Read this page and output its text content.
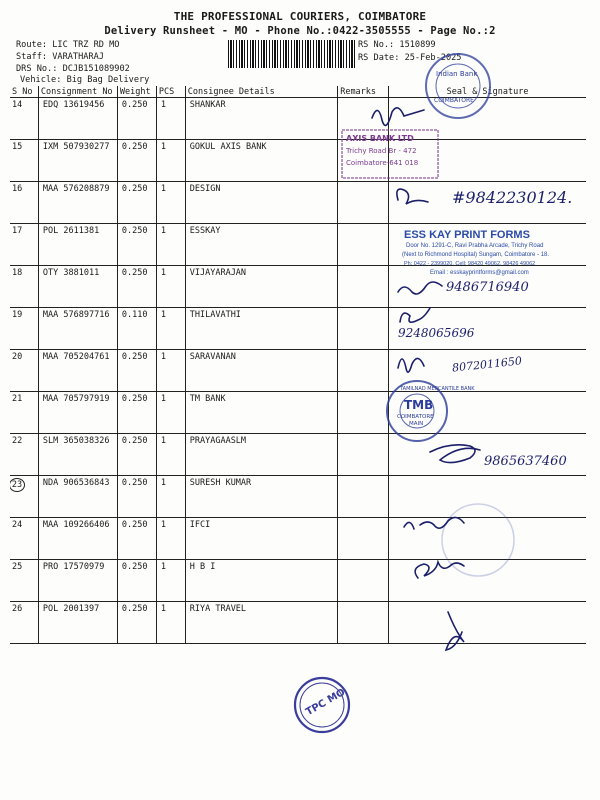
THE PROFESSIONAL COURIERS, COIMBATORE
Delivery Runsheet - MO - Phone No.:0422-3505555 - Page No.:2
Route: LIC TRZ RD MO
Staff: VARATHARAJ
DRS No.: DCJB151089902
Vehicle: Big Bag Delivery
RS No.: 1510899
RS Date: 25-Feb-2025
S No	Consignment No	Weight	PCS	Consignee Details	Remarks	Seal & Signature
14	EDQ 13619456	0.250	1	SHANKAR		
15	IXM 507930277	0.250	1	GOKUL AXIS BANK		
16	MAA 576208879	0.250	1	DESIGN		
17	POL 2611381	0.250	1	ESSKAY		
18	OTY 3881011	0.250	1	VIJAYARAJAN		
19	MAA 576897716	0.110	1	THILAVATHI		
20	MAA 705204761	0.250	1	SARAVANAN		
21	MAA 705797919	0.250	1	TM BANK		
22	SLM 365038326	0.250	1	PRAYAGAASLM		
23	NDA 906536843	0.250	1	SURESH KUMAR		
24	MAA 109266406	0.250	1	IFCI		
25	PRO 17570979	0.250	1	H B I		
26	POL 2001397	0.250	1	RIYA TRAVEL		
Indian Bank
COIMBATORE
AXIS BANK LTD
Trichy Road Br - 472
Coimbatore-641 018
ESS KAY PRINT FORMS
Door No. 1291-C, Ravi Prabha Arcade, Trichy Road
(Next to Richmond Hospital) Sungam, Coimbatore - 18.
Ph: 0422 - 2399020, Cell: 98420 49062, 98426 49062
Email : esskayprintforms@gmail.com
TAMILNAD MERCANTILE BANK
TMB
COIMBATORE
MAIN
TPC MO
#9842230124.
9486716940
9248065696
8072011650
9865637460
